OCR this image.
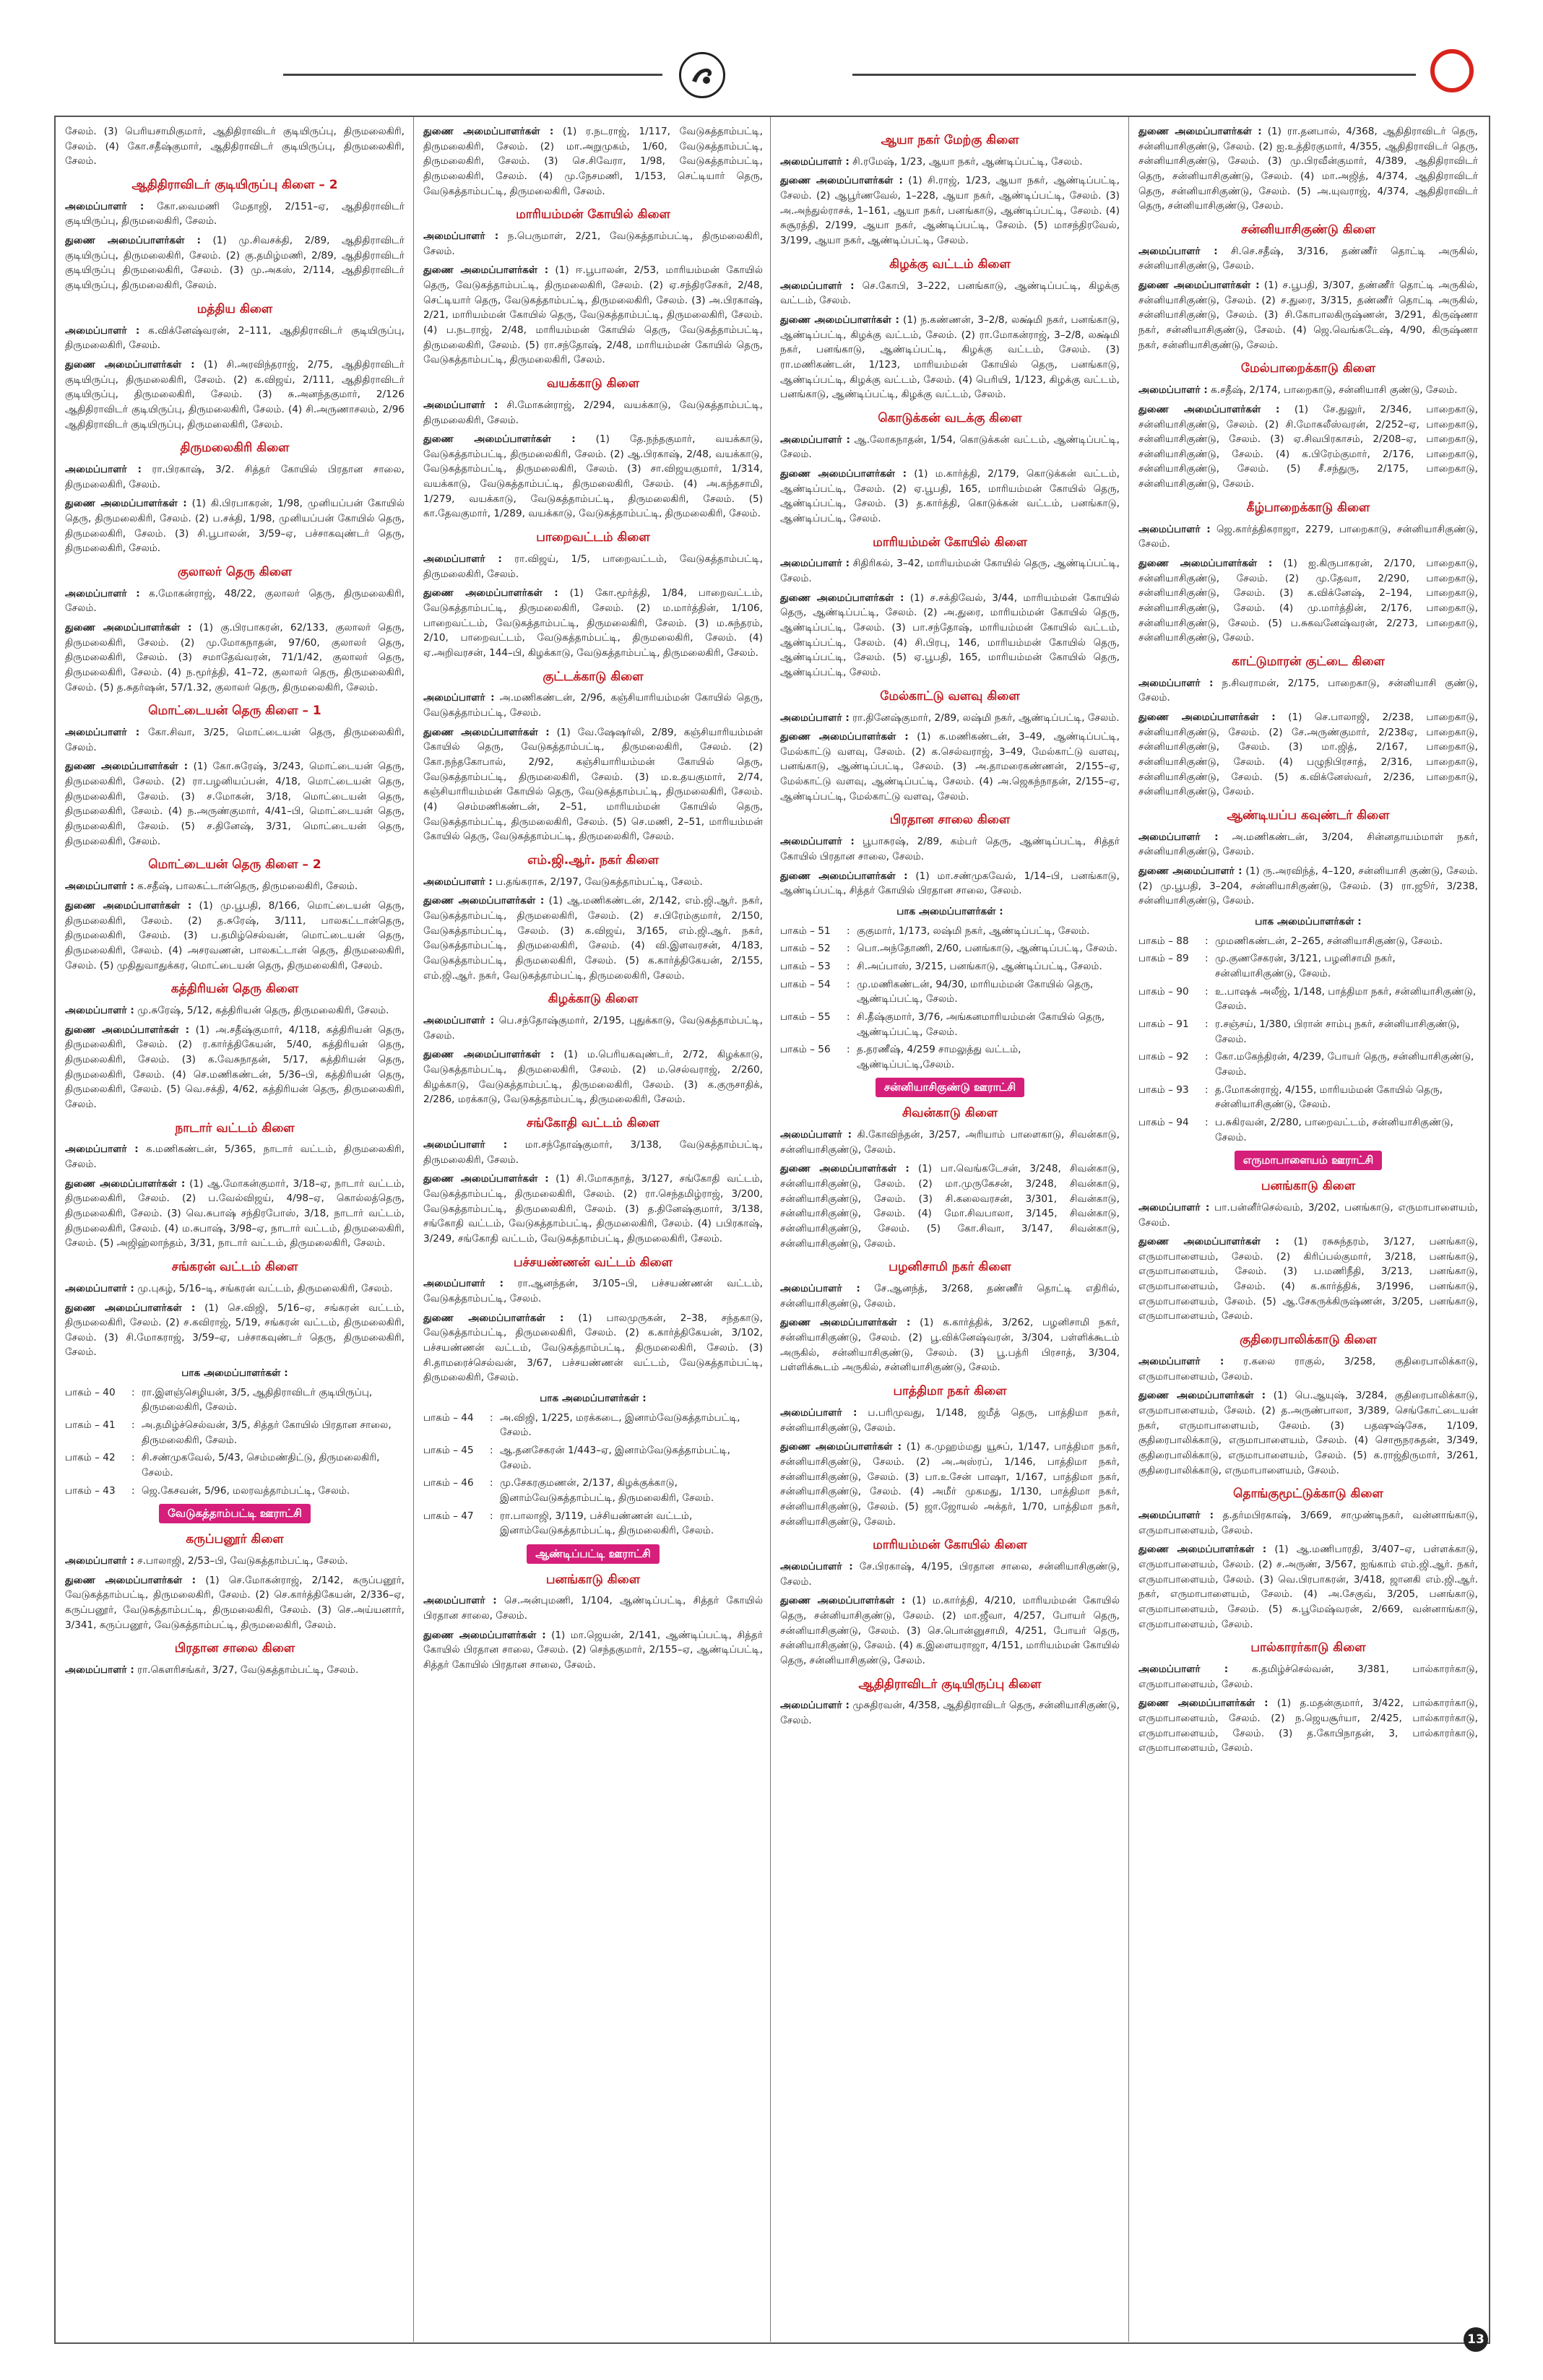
சேலம். (3) பெரியசாமிகுமார், ஆதிதிராவிடர் குடியிருப்பு, திருமலைகிரி, சேலம். (4) கோ.சதீஷ்குமார், ஆதிதிராவிடர் குடியிருப்பு, திருமலைகிரி, சேலம்.

ஆதிதிராவிடர் குடியிருப்பு கிளை – 2

அமைப்பாளர் : கோ.வைமணி மேதாஜி, 2/151–ஏ, ஆதிதிராவிடர் குடியிருப்பு, திருமலைகிரி, சேலம்.

துணை அமைப்பாளர்கள் : (1) மு.சிவசக்தி, 2/89, ஆதிதிராவிடர் குடியிருப்பு, திருமலைகிரி, சேலம். (2) கு.தமிழ்மணி, 2/89, ஆதிதிராவிடர் குடியிருப்பு திருமலைகிரி, சேலம். (3) மு.அகஸ், 2/114, ஆதிதிராவிடர் குடியிருப்பு, திருமலைகிரி, சேலம்.

மத்திய கிளை

அமைப்பாளர் : க.விக்னேஷ்வரன், 2–111, ஆதிதிராவிடர் குடியிருப்பு, திருமலைகிரி, சேலம்.

துணை அமைப்பாளர்கள் : (1) சி.அரவிந்தராஜ், 2/75, ஆதிதிராவிடர் குடியிருப்பு, திருமலைகிரி, சேலம். (2) க.விஜய், 2/111, ஆதிதிராவிடர் குடியிருப்பு, திருமலைகிரி, சேலம். (3) சு.அனந்தகுமார், 2/126 ஆதிதிராவிடர் குடியிருப்பு, திருமலைகிரி, சேலம். (4) சி.அருணாசலம், 2/96 ஆதிதிராவிடர் குடியிருப்பு, திருமலைகிரி, சேலம்.

திருமலைகிரி கிளை

அமைப்பாளர் : ரா.பிரகாஷ், 3/2. சித்தர் கோயில் பிரதான சாலை, திருமலைகிரி, சேலம்.

துணை அமைப்பாளர்கள் : (1) கி.பிரபாகரன், 1/98, முனியப்பன் கோயில் தெரு, திருமலைகிரி, சேலம். (2) ப.சக்தி, 1/98, முனியப்பன் கோயில் தெரு, திருமலைகிரி, சேலம். (3) சி.பூபாலன், 3/59–ஏ, பச்சாகவுண்டர் தெரு, திருமலைகிரி, சேலம்.

குலாலர் தெரு கிளை

அமைப்பாளர் : க.மோகன்ராஜ், 48/22, குலாலர் தெரு, திருமலைகிரி, சேலம்.

துணை அமைப்பாளர்கள் : (1) கு.பிரபாகரன், 62/133, குலாலர் தெரு, திருமலைகிரி, சேலம். (2) மு.மோகநாதன், 97/60, குலாலர் தெரு, திருமலைகிரி, சேலம். (3) சமாதேவ்வரன், 71/1/42, குலாலர் தெரு, திருமலைகிரி, சேலம். (4) ந.மூர்த்தி, 41–72, குலாலர் தெரு, திருமலைகிரி, சேலம். (5) த.சுதர்ஷன், 57/1.32, குலாலர் தெரு, திருமலைகிரி, சேலம்.

மொட்டையன் தெரு கிளை – 1

அமைப்பாளர் : கோ.சிவா, 3/25, மொட்டையன் தெரு, திருமலைகிரி, சேலம்.

துணை அமைப்பாளர்கள் : (1) கோ.சுரேஷ், 3/243, மொட்டையன் தெரு, திருமலைகிரி, சேலம். (2) ரா.பழனியப்பன், 4/18, மொட்டையன் தெரு, திருமலைகிரி, சேலம். (3) ச.மோகன், 3/18, மொட்டையன் தெரு, திருமலைகிரி, சேலம். (4) ந.அருண்குமார், 4/41–பி, மொட்டையன் தெரு, திருமலைகிரி, சேலம். (5) ச.தினேஷ், 3/31, மொட்டையன் தெரு, திருமலைகிரி, சேலம்.

மொட்டையன் தெரு கிளை – 2

அமைப்பாளர் : க.சதீஷ், பாலகட்டான்தெரு, திருமலைகிரி, சேலம்.

துணை அமைப்பாளர்கள் : (1) மு.பூபதி, 8/166, மொட்டையன் தெரு, திருமலைகிரி, சேலம். (2) த.சுரேஷ், 3/111, பாலகட்டான்தெரு, திருமலைகிரி, சேலம். (3) ப.தமிழ்செல்வன், மொட்டையன் தெரு, திருமலைகிரி, சேலம். (4) அசரவணன், பாலகட்டான் தெரு, திருமலைகிரி, சேலம். (5) முதிதுவாதுக்கர, மொட்டையன் தெரு, திருமலைகிரி, சேலம்.

கத்திரியன் தெரு கிளை

அமைப்பாளர் : மு.சுரேஷ், 5/12, கத்திரியன் தெரு, திருமலைகிரி, சேலம்.

துணை அமைப்பாளர்கள் : (1) அ.சதீஷ்குமார், 4/118, கத்திரியன் தெரு, திருமலைகிரி, சேலம். (2) ர.கார்த்திகேயன், 5/40, கத்திரியன் தெரு, திருமலைகிரி, சேலம். (3) க.வேசுநாதன், 5/17, கத்திரியன் தெரு, திருமலைகிரி, சேலம். (4) செ.மணிகண்டன், 5/36–பி, கத்திரியன் தெரு, திருமலைகிரி, சேலம். (5) வெ.சக்தி, 4/62, கத்திரியன் தெரு, திருமலைகிரி, சேலம்.

நாடார் வட்டம் கிளை

அமைப்பாளர் : க.மணிகண்டன், 5/365, நாடார் வட்டம், திருமலைகிரி, சேலம்.

துணை அமைப்பாளர்கள் : (1) ஆ.மோகன்குமார், 3/18–ஏ, நாடார் வட்டம், திருமலைகிரி, சேலம். (2) ப.வேல்விஜய், 4/98–ஏ, கொல்லத்தெரு, திருமலைகிரி, சேலம். (3) வெ.சுபாஷ் சந்திரபோஸ், 3/18, நாடார் வட்டம், திருமலைகிரி, சேலம். (4) ம.சுபாஷ், 3/98–ஏ, நாடார் வட்டம், திருமலைகிரி, சேலம். (5) அஜிஹ்லாந்தம், 3/31, நாடார் வட்டம், திருமலைகிரி, சேலம்.

சங்கரன் வட்டம் கிளை

அமைப்பாளர் : மு.புகழ், 5/16–டி, சங்கரன் வட்டம், திருமலைகிரி, சேலம்.

துணை அமைப்பாளர்கள் : (1) செ.விஜி, 5/16–ஏ, சங்கரன் வட்டம், திருமலைகிரி, சேலம். (2) ச.கவிராஜ், 5/19, சங்கரன் வட்டம், திருமலைகிரி, சேலம். (3) சி.மோகராஜ், 3/59–ஏ, பச்சாகவுண்டர் தெரு, திருமலைகிரி, சேலம்.

பாக அமைப்பாளர்கள் :
பாகம் – 40	: ரா.இளஞ்செழியன், 3/5, ஆதிதிராவிடர் குடியிருப்பு, திருமலைகிரி, சேலம்.
பாகம் – 41	: அ.தமிழ்ச்செல்வன், 3/5, சித்தர் கோயில் பிரதான சாலை, திருமலைகிரி, சேலம்.
பாகம் – 42	: சி.சண்முகவேல், 5/43, செம்மண்திட்டு, திருமலைகிரி, சேலம்.
பாகம் – 43	: ஜெ.கேசவன், 5/96, மலரவத்தாம்பட்டி, சேலம்.
வேடுகத்தாம்பட்டி ஊராட்சி
கருப்பனூர் கிளை

அமைப்பாளர் : ச.பாலாஜி, 2/53–பி, வேடுகத்தாம்பட்டி, சேலம்.

துணை அமைப்பாளர்கள் : (1) செ.மோகன்ராஜ், 2/142, கருப்பனூர், வேடுகத்தாம்பட்டி, திருமலைகிரி, சேலம். (2) செ.கார்த்திகேயன், 2/336–ஏ, கருப்பனூர், வேடுகத்தாம்பட்டி, திருமலைகிரி, சேலம். (3) செ.அய்யனார், 3/341, கருப்பனூர், வேடுகத்தாம்பட்டி, திருமலைகிரி, சேலம்.

பிரதான சாலை கிளை

அமைப்பாளர் : ரா.கௌரிசங்கர், 3/27, வேடுகத்தாம்பட்டி, சேலம்.

துணை அமைப்பாளர்கள் : (1) ர.நடராஜ், 1/117, வேடுகத்தாம்பட்டி, திருமலைகிரி, சேலம். (2) மா.அறுமுகம், 1/60, வேடுகத்தாம்பட்டி, திருமலைகிரி, சேலம். (3) செ.சிவேரா, 1/98, வேடுகத்தாம்பட்டி, திருமலைகிரி, சேலம். (4) மு.நேசமணி, 1/153, செட்டியார் தெரு, வேடுகத்தாம்பட்டி, திருமலைகிரி, சேலம்.

மாரியம்மன் கோயில் கிளை

அமைப்பாளர் : ந.பெருமாள், 2/21, வேடுகத்தாம்பட்டி, திருமலைகிரி, சேலம்.

துணை அமைப்பாளர்கள் : (1) ஈ.பூபாலன், 2/53, மாரியம்மன் கோயில் தெரு, வேடுகத்தாம்பட்டி, திருமலைகிரி, சேலம். (2) ஏ.சந்திரசேகர், 2/48, செட்டியார் தெரு, வேடுகத்தாம்பட்டி, திருமலைகிரி, சேலம். (3) அ.பிரகாஷ், 2/21, மாரியம்மன் கோயில் தெரு, வேடுகத்தாம்பட்டி, திருமலைகிரி, சேலம். (4) ப.நடராஜ், 2/48, மாரியம்மன் கோயில் தெரு, வேடுகத்தாம்பட்டி, திருமலைகிரி, சேலம். (5) ரா.சந்தோஷ், 2/48, மாரியம்மன் கோயில் தெரு, வேடுகத்தாம்பட்டி, திருமலைகிரி, சேலம்.

வயக்காடு கிளை

அமைப்பாளர் : சி.மோகன்ராஜ், 2/294, வயக்காடு, வேடுகத்தாம்பட்டி, திருமலைகிரி, சேலம்.

துணை அமைப்பாளர்கள் : (1) தே.நந்தகுமார், வயக்காடு, வேடுகத்தாம்பட்டி, திருமலைகிரி, சேலம். (2) ஆ.பிரகாஷ், 2/48, வயக்காடு, வேடுகத்தாம்பட்டி, திருமலைகிரி, சேலம். (3) சா.விஜயகுமார், 1/314, வயக்காடு, வேடுகத்தாம்பட்டி, திருமலைகிரி, சேலம். (4) அ.கந்தசாமி, 1/279, வயக்காடு, வேடுகத்தாம்பட்டி, திருமலைகிரி, சேலம். (5) கா.தேவகுமார், 1/289, வயக்காடு, வேடுகத்தாம்பட்டி, திருமலைகிரி, சேலம்.

பாறைவட்டம் கிளை

அமைப்பாளர் : ரா.விஜய், 1/5, பாறைவட்டம், வேடுகத்தாம்பட்டி, திருமலைகிரி, சேலம்.

துணை அமைப்பாளர்கள் : (1) கோ.மூர்த்தி, 1/84, பாறைவட்டம், வேடுகத்தாம்பட்டி, திருமலைகிரி, சேலம். (2) ம.மார்த்தின், 1/106, பாறைவட்டம், வேடுகத்தாம்பட்டி, திருமலைகிரி, சேலம். (3) ம.சுந்தரம், 2/10, பாறைவட்டம், வேடுகத்தாம்பட்டி, திருமலைகிரி, சேலம். (4) ஏ.அறிவரசன், 144–பி, கிழக்காடு, வேடுகத்தாம்பட்டி, திருமலைகிரி, சேலம்.

குட்டக்காடு கிளை

அமைப்பாளர் : அ.மணிகண்டன், 2/96, கஞ்சியாரியம்மன் கோயில் தெரு, வேடுகத்தாம்பட்டி, சேலம்.

துணை அமைப்பாளர்கள் : (1) வே.ஷேஷர்லி, 2/89, கஞ்சியாரியம்மன் கோயில் தெரு, வேடுகத்தாம்பட்டி, திருமலைகிரி, சேலம். (2) கோ.நந்தகோபால், 2/92, கஞ்சியாரியம்மன் கோயில் தெரு, வேடுகத்தாம்பட்டி, திருமலைகிரி, சேலம். (3) ம.உதயகுமார், 2/74, கஞ்சியாரியம்மன் கோயில் தெரு, வேடுகத்தாம்பட்டி, திருமலைகிரி, சேலம். (4) செம்மணிகண்டன், 2–51, மாரியம்மன் கோயில் தெரு, வேடுகத்தாம்பட்டி, திருமலைகிரி, சேலம். (5) செ.மணி, 2–51, மாரியம்மன் கோயில் தெரு, வேடுகத்தாம்பட்டி, திருமலைகிரி, சேலம்.

எம்.ஜி.ஆர். நகர் கிளை

அமைப்பாளர் : ப.தங்கராசு, 2/197, வேடுகத்தாம்பட்டி, சேலம்.

துணை அமைப்பாளர்கள் : (1) ஆ.மணிகண்டன், 2/142, எம்.ஜி.ஆர். நகர், வேடுகத்தாம்பட்டி, திருமலைகிரி, சேலம். (2) ச.பிரேம்குமார், 2/150, வேடுகத்தாம்பட்டி, சேலம். (3) க.விஜய், 3/165, எம்.ஜி.ஆர். நகர், வேடுகத்தாம்பட்டி, திருமலைகிரி, சேலம். (4) வி.இளவரசன், 4/183, வேடுகத்தாம்பட்டி, திருமலைகிரி, சேலம். (5) க.கார்த்திகேயன், 2/155, எம்.ஜி.ஆர். நகர், வேடுகத்தாம்பட்டி, திருமலைகிரி, சேலம்.

கிழக்காடு கிளை

அமைப்பாளர் : பெ.சந்தோஷ்குமார், 2/195, புதுக்காடு, வேடுகத்தாம்பட்டி, சேலம்.

துணை அமைப்பாளர்கள் : (1) ம.பெரியகவுண்டர், 2/72, கிழக்காடு, வேடுகத்தாம்பட்டி, திருமலைகிரி, சேலம். (2) ம.செல்வராஜ், 2/260, கிழக்காடு, வேடுகத்தாம்பட்டி, திருமலைகிரி, சேலம். (3) க.குருசாதிக், 2/286, மரக்காடு, வேடுகத்தாம்பட்டி, திருமலைகிரி, சேலம்.

சங்கோதி வட்டம் கிளை

அமைப்பாளர் : மா.சந்தோஷ்குமார், 3/138, வேடுகத்தாம்பட்டி, திருமலைகிரி, சேலம்.

துணை அமைப்பாளர்கள் : (1) சி.மோகநாத், 3/127, சங்கோதி வட்டம், வேடுகத்தாம்பட்டி, திருமலைகிரி, சேலம். (2) ரா.செந்தமிழ்ராஜ், 3/200, வேடுகத்தாம்பட்டி, திருமலைகிரி, சேலம். (3) த.தினேஷ்குமார், 3/138, சங்கோதி வட்டம், வேடுகத்தாம்பட்டி, திருமலைகிரி, சேலம். (4) பபிரகாஷ், 3/249, சங்கோதி வட்டம், வேடுகத்தாம்பட்டி, திருமலைகிரி, சேலம்.

பச்சயண்ணன் வட்டம் கிளை

அமைப்பாளர் : ரா.ஆனந்தன், 3/105–பி, பச்சயண்ணன் வட்டம், வேடுகத்தாம்பட்டி, சேலம்.

துணை அமைப்பாளர்கள் : (1) பாலமுருகன், 2–38, சந்தகாடு, வேடுகத்தாம்பட்டி, திருமலைகிரி, சேலம். (2) க.கார்த்திகேயன், 3/102, பச்சயண்ணன் வட்டம், வேடுகத்தாம்பட்டி, திருமலைகிரி, சேலம். (3) சி.தாமரைச்செல்வன், 3/67, பச்சயண்ணன் வட்டம், வேடுகத்தாம்பட்டி, திருமலைகிரி, சேலம்.

பாக அமைப்பாளர்கள் :
பாகம் – 44	: அ.விஜி, 1/225, மரக்கடை, இனாம்வேடுகத்தாம்பட்டி, சேலம்.
பாகம் – 45	: ஆ.தனசேகரன் 1/443–ஏ, இனாம்வேடுகத்தாம்பட்டி, சேலம்.
பாகம் – 46	: மு.சேகரகுமணன், 2/137, கிழக்குக்காடு, இனாம்வேடுகத்தாம்பட்டி, திருமலைகிரி, சேலம்.
பாகம் – 47	: ரா.பாலாஜி, 3/119, பச்சியண்ணன் வட்டம், இனாம்வேடுகத்தாம்பட்டி, திருமலைகிரி, சேலம்.
ஆண்டிப்பட்டி ஊராட்சி
பனங்காடு கிளை

அமைப்பாளர் : செ.அன்புமணி, 1/104, ஆண்டிப்பட்டி, சித்தர் கோயில் பிரதான சாலை, சேலம்.

துணை அமைப்பாளர்கள் : (1) மா.ஜெயன், 2/141, ஆண்டிப்பட்டி, சித்தர் கோயில் பிரதான சாலை, சேலம். (2) செந்தகுமார், 2/155–ஏ, ஆண்டிப்பட்டி, சித்தர் கோயில் பிரதான சாலை, சேலம்.

ஆயா நகர் மேற்கு கிளை

அமைப்பாளர் : சி.ரமேஷ், 1/23, ஆயா நகர், ஆண்டிப்பட்டி, சேலம்.

துணை அமைப்பாளர்கள் : (1) சி.ராஜ், 1/23, ஆயா நகர், ஆண்டிப்பட்டி, சேலம். (2) ஆபூர்ணவேல், 1–228, ஆயா நகர், ஆண்டிப்பட்டி, சேலம். (3) அ.அந்துல்ராசக், 1–161, ஆயா நகர், பனங்காடு, ஆண்டிப்பட்டி, சேலம். (4) சுசூரத்தி, 2/199, ஆயா நகர், ஆண்டிப்பட்டி, சேலம். (5) மாசந்திரவேல், 3/199, ஆயா நகர், ஆண்டிப்பட்டி, சேலம்.

கிழக்கு வட்டம் கிளை

அமைப்பாளர் : செ.கோபி, 3–222, பனங்காடு, ஆண்டிப்பட்டி, கிழக்கு வட்டம், சேலம்.

துணை அமைப்பாளர்கள் : (1) ந.கண்ணன், 3–2/8, லக்ஷ்மி நகர், பனங்காடு, ஆண்டிப்பட்டி, கிழக்கு வட்டம், சேலம். (2) ரா.மோகன்ராஜ், 3–2/8, லக்ஷ்மி நகர், பனங்காடு, ஆண்டிப்பட்டி, கிழக்கு வட்டம், சேலம். (3) ரா.மணிகண்டன், 1/123, மாரியம்மன் கோயில் தெரு, பனங்காடு, ஆண்டிப்பட்டி, கிழக்கு வட்டம், சேலம். (4) பெரியி, 1/123, கிழக்கு வட்டம், பனங்காடு, ஆண்டிப்பட்டி, கிழக்கு வட்டம், சேலம்.

கொடுக்கன் வடக்கு கிளை

அமைப்பாளர் : ஆ.லோகநாதன், 1/54, கொடுக்கன் வட்டம், ஆண்டிப்பட்டி, சேலம்.

துணை அமைப்பாளர்கள் : (1) ம.கார்த்தி, 2/179, கொடுக்கன் வட்டம், ஆண்டிப்பட்டி, சேலம். (2) ஏ.பூபதி, 165, மாரியம்மன் கோயில் தெரு, ஆண்டிப்பட்டி, சேலம். (3) த.கார்த்தி, கொடுக்கன் வட்டம், பனங்காடு, ஆண்டிப்பட்டி, சேலம்.

மாரியம்மன் கோயில் கிளை

அமைப்பாளர் : சிதிரிகல், 3–42, மாரியம்மன் கோயில் தெரு, ஆண்டிப்பட்டி, சேலம்.

துணை அமைப்பாளர்கள் : (1) ச.சக்திவேல், 3/44, மாரியம்மன் கோயில் தெரு, ஆண்டிப்பட்டி, சேலம். (2) அ.துரை, மாரியம்மன் கோயில் தெரு, ஆண்டிப்பட்டி, சேலம். (3) பா.சந்தோஷ், மாரியம்மன் கோயில் வட்டம், ஆண்டிப்பட்டி, சேலம். (4) சி.பிரபு, 146, மாரியம்மன் கோயில் தெரு, ஆண்டிப்பட்டி, சேலம். (5) ஏ.பூபதி, 165, மாரியம்மன் கோயில் தெரு, ஆண்டிப்பட்டி, சேலம்.

மேல்காட்டு வளவு கிளை

அமைப்பாளர் : ரா.தினேஷ்குமார், 2/89, லஷ்மி நகர், ஆண்டிப்பட்டி, சேலம்.

துணை அமைப்பாளர்கள் : (1) க.மணிகண்டன், 3–49, ஆண்டிப்பட்டி, மேல்காட்டு வளவு, சேலம். (2) க.செல்வராஜ், 3–49, மேல்காட்டு வளவு, பனங்காடு, ஆண்டிப்பட்டி, சேலம். (3) அ.தாமரைகண்ணன், 2/155–ஏ, மேல்காட்டு வளவு, ஆண்டிப்பட்டி, சேலம். (4) அ.ஜெகந்நாதன், 2/155–ஏ, ஆண்டிப்பட்டி, மேல்காட்டு வளவு, சேலம்.

பிரதான சாலை கிளை

அமைப்பாளர் : பூபாசுரஷ், 2/89, கம்பர் தெரு, ஆண்டிப்பட்டி, சித்தர் கோயில் பிரதான சாலை, சேலம்.

துணை அமைப்பாளர்கள் : (1) மா.சண்முகவேல், 1/14–பி, பனங்காடு, ஆண்டிப்பட்டி, சித்தர் கோயில் பிரதான சாலை, சேலம்.

பாக அமைப்பாளர்கள் :
பாகம் – 51	: குகுமார், 1/173, லஷ்மி நகர், ஆண்டிப்பட்டி, சேலம்.
பாகம் – 52	: பொ.அந்தோணி, 2/60, பனங்காடு, ஆண்டிப்பட்டி, சேலம்.
பாகம் – 53	: சி.அப்பாஸ், 3/215, பனங்காடு, ஆண்டிப்பட்டி, சேலம்.
பாகம் – 54	: மு.மணிகண்டன், 94/30, மாரியம்மன் கோயில் தெரு, ஆண்டிப்பட்டி, சேலம்.
பாகம் – 55	: சி.தீஷ்குமார், 3/76, அங்கனமாரியம்மன் கோயில் தெரு, ஆண்டிப்பட்டி, சேலம்.
பாகம் – 56	: த.தரணீஷ், 4/259 சாமலுத்து வட்டம், ஆண்டிப்பட்டி,சேலம்.
சன்னியாசிகுண்டு ஊராட்சி
சிவன்காடு கிளை

அமைப்பாளர் : கி.கோவிந்தன், 3/257, அரியாம் பாளைகாடு, சிவன்காடு, சன்னியாசிகுண்டு, சேலம்.

துணை அமைப்பாளர்கள் : (1) பா.வெங்கடேசன், 3/248, சிவன்காடு, சன்னியாசிகுண்டு, சேலம். (2) மா.முருகேசன், 3/248, சிவன்காடு, சன்னியாசிகுண்டு, சேலம். (3) சி.கலைவரசன், 3/301, சிவன்காடு, சன்னியாசிகுண்டு, சேலம். (4) மோ.சிவபாலா, 3/145, சிவன்காடு, சன்னியாசிகுண்டு, சேலம். (5) கோ.சிவா, 3/147, சிவன்காடு, சன்னியாசிகுண்டு, சேலம்.

பழனிசாமி நகர் கிளை

அமைப்பாளர் : சே.ஆனந்த், 3/268, தண்ணீர் தொட்டி எதிரில், சன்னியாசிகுண்டு, சேலம்.

துணை அமைப்பாளர்கள் : (1) க.கார்த்திக், 3/262, பழனிசாமி நகர், சன்னியாசிகுண்டு, சேலம். (2) பூ.விக்னேஷ்வரன், 3/304, பள்ளிக்கூடம் அருகில், சன்னியாசிகுண்டு, சேலம். (3) பூ.பத்ரி பிரசாத், 3/304, பள்ளிக்கூடம் அருகில், சன்னியாசிகுண்டு, சேலம்.

பாத்திமா நகர் கிளை

அமைப்பாளர் : ப.பரிமுவது, 1/148, ஜமீத் தெரு, பாத்திமா நகர், சன்னியாசிகுண்டு, சேலம்.

துணை அமைப்பாளர்கள் : (1) க.முஹம்மது யூசுப், 1/147, பாத்திமா நகர், சன்னியாசிகுண்டு, சேலம். (2) அ.அஸ்ரப், 1/146, பாத்திமா நகர், சன்னியாசிகுண்டு, சேலம். (3) பா.உசேன் பாஷா, 1/167, பாத்திமா நகர், சன்னியாசிகுண்டு, சேலம். (4) அமீர் முகமது, 1/130, பாத்திமா நகர், சன்னியாசிகுண்டு, சேலம். (5) ஜா.ஜோயல் அக்தர், 1/70, பாத்திமா நகர், சன்னியாசிகுண்டு, சேலம்.

மாரியம்மன் கோயில் கிளை

அமைப்பாளர் : சே.பிரகாஷ், 4/195, பிரதான சாலை, சன்னியாசிகுண்டு, சேலம்.

துணை அமைப்பாளர்கள் : (1) ம.கார்த்தி, 4/210, மாரியம்மன் கோயில் தெரு, சன்னியாசிகுண்டு, சேலம். (2) மா.ஜீவா, 4/257, போயர் தெரு, சன்னியாசிகுண்டு, சேலம். (3) செ.பொன்னுசாமி, 4/251, போயர் தெரு, சன்னியாசிகுண்டு, சேலம். (4) க.இளையராஜா, 4/151, மாரியம்மன் கோயில் தெரு, சன்னியாசிகுண்டு, சேலம்.

ஆதிதிராவிடர் குடியிருப்பு கிளை

அமைப்பாளர் : முசுதிரவன், 4/358, ஆதிதிராவிடர் தெரு, சன்னியாசிகுண்டு, சேலம்.

துணை அமைப்பாளர்கள் : (1) ரா.தனபால், 4/368, ஆதிதிராவிடர் தெரு, சன்னியாசிகுண்டு, சேலம். (2) ஐ.உத்திரகுமார், 4/355, ஆதிதிராவிடர் தெரு, சன்னியாசிகுண்டு, சேலம். (3) மு.பிரவீன்குமார், 4/389, ஆதிதிராவிடர் தெரு, சன்னியாசிகுண்டு, சேலம். (4) மா.அஜித், 4/374, ஆதிதிராவிடர் தெரு, சன்னியாசிகுண்டு, சேலம். (5) அ.யுவராஜ், 4/374, ஆதிதிராவிடர் தெரு, சன்னியாசிகுண்டு, சேலம்.

சன்னியாசிகுண்டு கிளை

அமைப்பாளர் : சி.செ.சதீஷ், 3/316, தண்ணீர் தொட்டி அருகில், சன்னியாசிகுண்டு, சேலம்.

துணை அமைப்பாளர்கள் : (1) ச.பூபதி, 3/307, தண்ணீர் தொட்டி அருகில், சன்னியாசிகுண்டு, சேலம். (2) ச.துரை, 3/315, தண்ணீர் தொட்டி அருகில், சன்னியாசிகுண்டு, சேலம். (3) சி.கோபாலகிருஷ்ணன், 3/291, கிருஷ்ணா நகர், சன்னியாசிகுண்டு, சேலம். (4) ஜெ.வெங்கடேஷ், 4/90, கிருஷ்ணா நகர், சன்னியாசிகுண்டு, சேலம்.

மேல்பாறைக்காடு கிளை

அமைப்பாளர் : க.சதீஷ், 2/174, பாறைகாடு, சன்னியாசி குண்டு, சேலம்.

துணை அமைப்பாளர்கள் : (1) சே.துலுர், 2/346, பாறைகாடு, சன்னியாசிகுண்டு, சேலம். (2) சி.மோகலீஸ்வரன், 2/252–ஏ, பாறைகாடு, சன்னியாசிகுண்டு, சேலம். (3) ஏ.சிவபிரகாசம், 2/208–ஏ, பாறைகாடு, சன்னியாசிகுண்டு, சேலம். (4) க.பிரேம்குமார், 2/176, பாறைகாடு, சன்னியாசிகுண்டு, சேலம். (5) சீ.சந்துரு, 2/175, பாறைகாடு, சன்னியாசிகுண்டு, சேலம்.

கீழ்பாறைக்காடு கிளை

அமைப்பாளர் : ஜெ.கார்த்திகராஜா, 2279, பாறைகாடு, சன்னியாசிகுண்டு, சேலம்.

துணை அமைப்பாளர்கள் : (1) ஐ.கிருபாகரன், 2/170, பாறைகாடு, சன்னியாசிகுண்டு, சேலம். (2) மு.தேவா, 2/290, பாறைகாடு, சன்னியாசிகுண்டு, சேலம். (3) க.விக்னேஷ், 2–194, பாறைகாடு, சன்னியாசிகுண்டு, சேலம். (4) மு.மார்த்தின், 2/176, பாறைகாடு, சன்னியாசிகுண்டு, சேலம். (5) ப.சுகவனேஷ்வரன், 2/273, பாறைகாடு, சன்னியாசிகுண்டு, சேலம்.

காட்டுமாரன் குட்டை கிளை

அமைப்பாளர் : ந.சிவராமன், 2/175, பாறைகாடு, சன்னியாசி குண்டு, சேலம்.

துணை அமைப்பாளர்கள் : (1) செ.பாலாஜி, 2/238, பாறைகாடு, சன்னியாசிகுண்டு, சேலம். (2) சே.அருண்குமார், 2/238ஏ, பாறைகாடு, சன்னியாசிகுண்டு, சேலம். (3) மா.ஜித், 2/167, பாறைகாடு, சன்னியாசிகுண்டு, சேலம். (4) பழுநிபிரசாத், 2/316, பாறைகாடு, சன்னியாசிகுண்டு, சேலம். (5) க.விக்னேஸ்வர், 2/236, பாறைகாடு, சன்னியாசிகுண்டு, சேலம்.

ஆண்டியப்ப கவுண்டர் கிளை

அமைப்பாளர் : அ.மணிகண்டன், 3/204, சின்னதாயம்மாள் நகர், சன்னியாசிகுண்டு, சேலம்.

துணை அமைப்பாளர் : (1) ரு.அரவிந்த், 4–120, சன்னியாசி குண்டு, சேலம். (2) மு.பூபதி, 3–204, சன்னியாசிகுண்டு, சேலம். (3) ரா.ஜூர், 3/238, சன்னியாசிகுண்டு, சேலம்.

பாக அமைப்பாளர்கள் :
பாகம் – 88	: முமணிகண்டன், 2–265, சன்னியாசிகுண்டு, சேலம்.
பாகம் – 89	: மு.குணசேகரன், 3/121, பழனிசாமி நகர், சன்னியாசிகுண்டு, சேலம்.
பாகம் – 90	: உ.பாஷக் அலீஜ், 1/148, பாத்திமா நகர், சன்னியாசிகுண்டு, சேலம்.
பாகம் – 91	: ர.சஞ்சய், 1/380, பிரான் சாம்பு நகர், சன்னியாசிகுண்டு, சேலம்.
பாகம் – 92	: கோ.மகேந்திரன், 4/239, போயர் தெரு, சன்னியாசிகுண்டு, சேலம்.
பாகம் – 93	: த.மோகன்ராஜ், 4/155, மாரியம்மன் கோயில் தெரு, சன்னியாசிகுண்டு, சேலம்.
பாகம் – 94	: ப.சுகிரவன், 2/280, பாறைவட்டம், சன்னியாசிகுண்டு, சேலம்.
எருமாபாளையம் ஊராட்சி
பனங்காடு கிளை

அமைப்பாளர் : பா.பன்னீர்செல்வம், 3/202, பனங்காடு, எருமாபாளையம், சேலம்.

துணை அமைப்பாளர்கள் : (1) ரசுசுந்தரம், 3/127, பனங்காடு, எருமாபாளையம், சேலம். (2) கிரிப்பல்குமார், 3/218, பனங்காடு, எருமாபாளையம், சேலம். (3) ப.மணிநீதி, 3/213, பனங்காடு, எருமாபாளையம், சேலம். (4) க.கார்த்திக், 3/1996, பனங்காடு, எருமாபாளையம், சேலம். (5) ஆ.சேகருக்கிருஷ்ணன், 3/205, பனங்காடு, எருமாபாளையம், சேலம்.

குதிரைபாலிக்காடு கிளை

அமைப்பாளர் : ர.கலை ராகுல், 3/258, குதிரைபாலிக்காடு, எருமாபாளையம், சேலம்.

துணை அமைப்பாளர்கள் : (1) பெ.ஆயுஷ், 3/284, குதிரைபாலிக்காடு, எருமாபாளையம், சேலம். (2) த.அருண்பாலா, 3/389, செங்கோட்டையன் நகர், எருமாபாளையம், சேலம். (3) பதஷுஷ்சேக, 1/109, குதிரைபாலிக்காடு, எருமாபாளையம், சேலம். (4) சொரூநரசுதன், 3/349, குதிரைபாலிக்காடு, எருமாபாளையம், சேலம். (5) க.ராஜ்திருமார், 3/261, குதிரைபாலிக்காடு, எருமாபாளையம், சேலம்.

தொங்குமூட்டுக்காடு கிளை

அமைப்பாளர் : த.தர்மபிரகாஷ், 3/669, சாமுண்டிநகர், வன்னாங்காடு, எருமாபாளையம், சேலம்.

துணை அமைப்பாளர்கள் : (1) ஆ.மணிபாரதி, 3/407–ஏ, பள்ளக்காடு, எருமாபாளையம், சேலம். (2) ச.அருண், 3/567, ஐங்காம் எம்.ஜி.ஆர். நகர், எருமாபாளையம், சேலம். (3) வெ.பிரபாகரன், 3/418, ஜானகி எம்.ஜி.ஆர். நகர், எருமாபாளையம், சேலம். (4) அ.சேகுவ், 3/205, பனங்காடு, எருமாபாளையம், சேலம். (5) சு.பூமேஷ்வரன், 2/669, வன்னாங்காடு, எருமாபாளையம், சேலம்.

பால்காரர்காடு கிளை

அமைப்பாளர் : க.தமிழ்ச்செல்வன், 3/381, பால்காரர்காடு, எருமாபாளையம், சேலம்.

துணை அமைப்பாளர்கள் : (1) த.மதன்குமார், 3/422, பால்காரர்காடு, எருமாபாளையம், சேலம். (2) ந.ஜெயசூர்யா, 2/425, பால்காரர்காடு, எருமாபாளையம், சேலம். (3) த.கோபிநாதன், 3, பால்காரர்காடு, எருமாபாளையம், சேலம்.

13
